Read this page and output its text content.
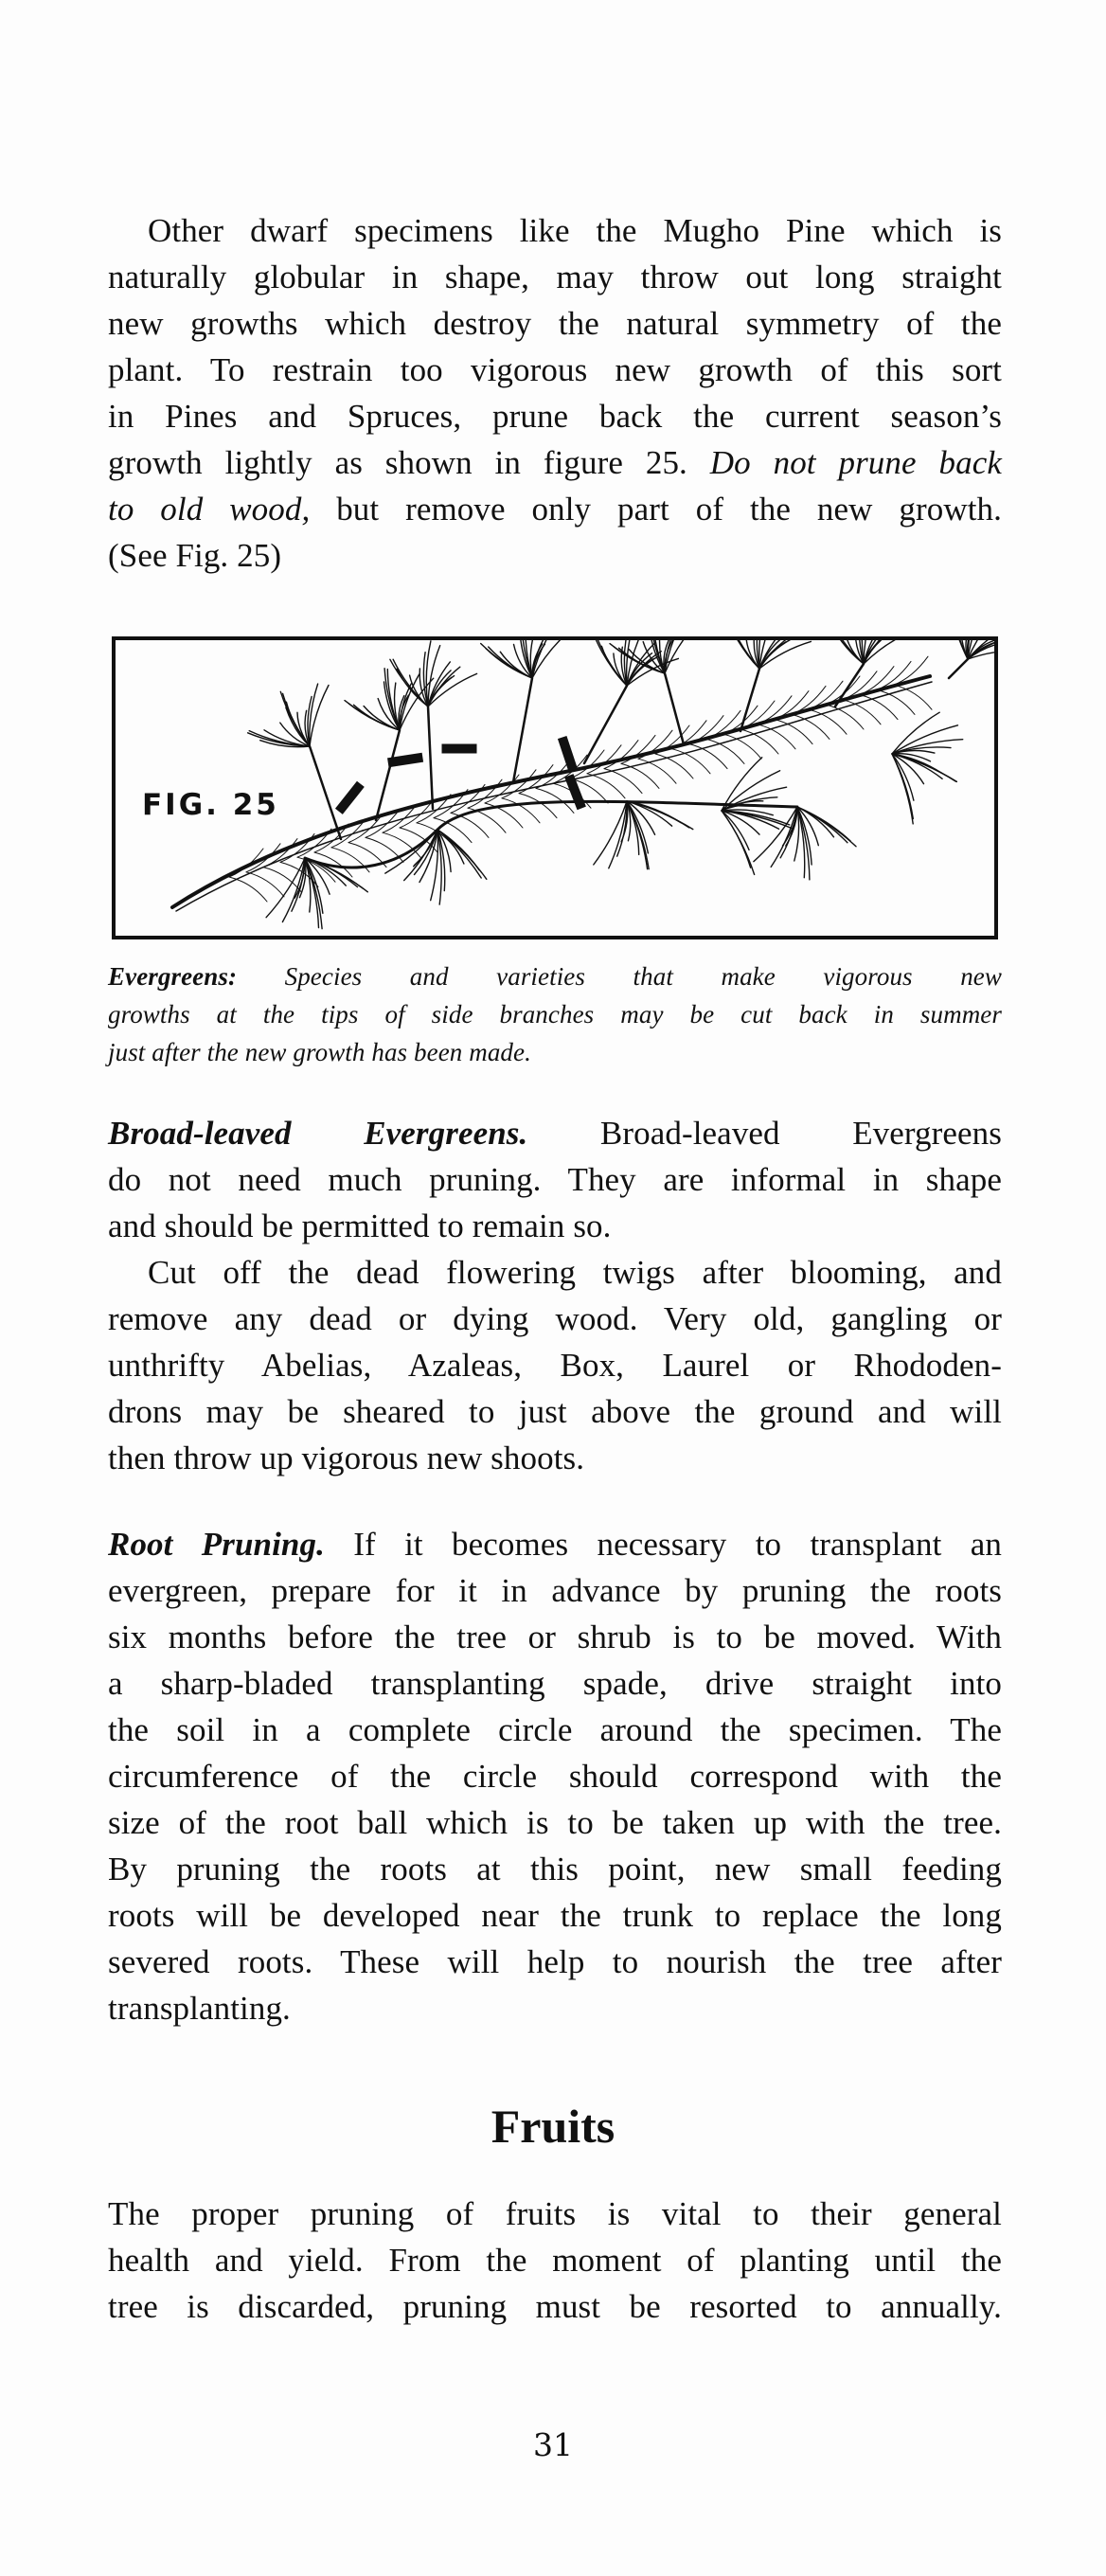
Other dwarf specimens like the Mugho Pine which is
naturally globular in shape, may throw out long straight
new growths which destroy the natural symmetry of the
plant. To restrain too vigorous new growth of this sort
in Pines and Spruces, prune back the current season’s
growth lightly as shown in figure 25. Do not prune back
to old wood, but remove only part of the new growth.
(See Fig. 25)
FIG. 25
Evergreens: Species and varieties that make vigorous new
growths at the tips of side branches may be cut back in summer
just after the new growth has been made.
Broad-leaved Evergreens. Broad-leaved Evergreens
do not need much pruning. They are informal in shape
and should be permitted to remain so.
Cut off the dead flowering twigs after blooming, and
remove any dead or dying wood. Very old, gangling or
unthrifty Abelias, Azaleas, Box, Laurel or Rhododen-
drons may be sheared to just above the ground and will
then throw up vigorous new shoots.
Root Pruning. If it becomes necessary to transplant an
evergreen, prepare for it in advance by pruning the roots
six months before the tree or shrub is to be moved. With
a sharp-bladed transplanting spade, drive straight into
the soil in a complete circle around the specimen. The
circumference of the circle should correspond with the
size of the root ball which is to be taken up with the tree.
By pruning the roots at this point, new small feeding
roots will be developed near the trunk to replace the long
severed roots. These will help to nourish the tree after
transplanting.
Fruits
The proper pruning of fruits is vital to their general
health and yield. From the moment of planting until the
tree is discarded, pruning must be resorted to annually.
31
